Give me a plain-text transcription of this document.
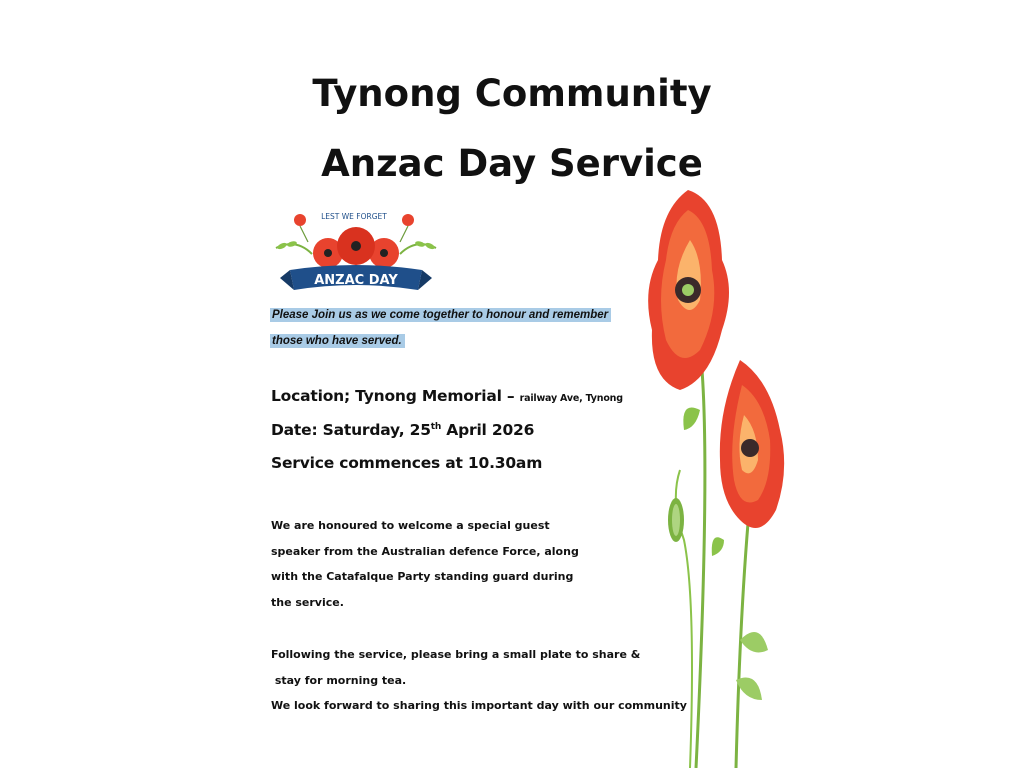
Tynong Community
Anzac Day Service
LEST WE FORGET
ANZAC DAY
Please Join us as we come together to honour and remember
those who have served.
Location; Tynong Memorial – railway Ave, Tynong
Date: Saturday, 25th April 2026
Service commences at 10.30am
We are honoured to welcome a special guest
speaker from the Australian defence Force, along
with the Catafalque Party standing guard during
the service.
Following the service, please bring a small plate to share &
stay for morning tea.
We look forward to sharing this important day with our community
